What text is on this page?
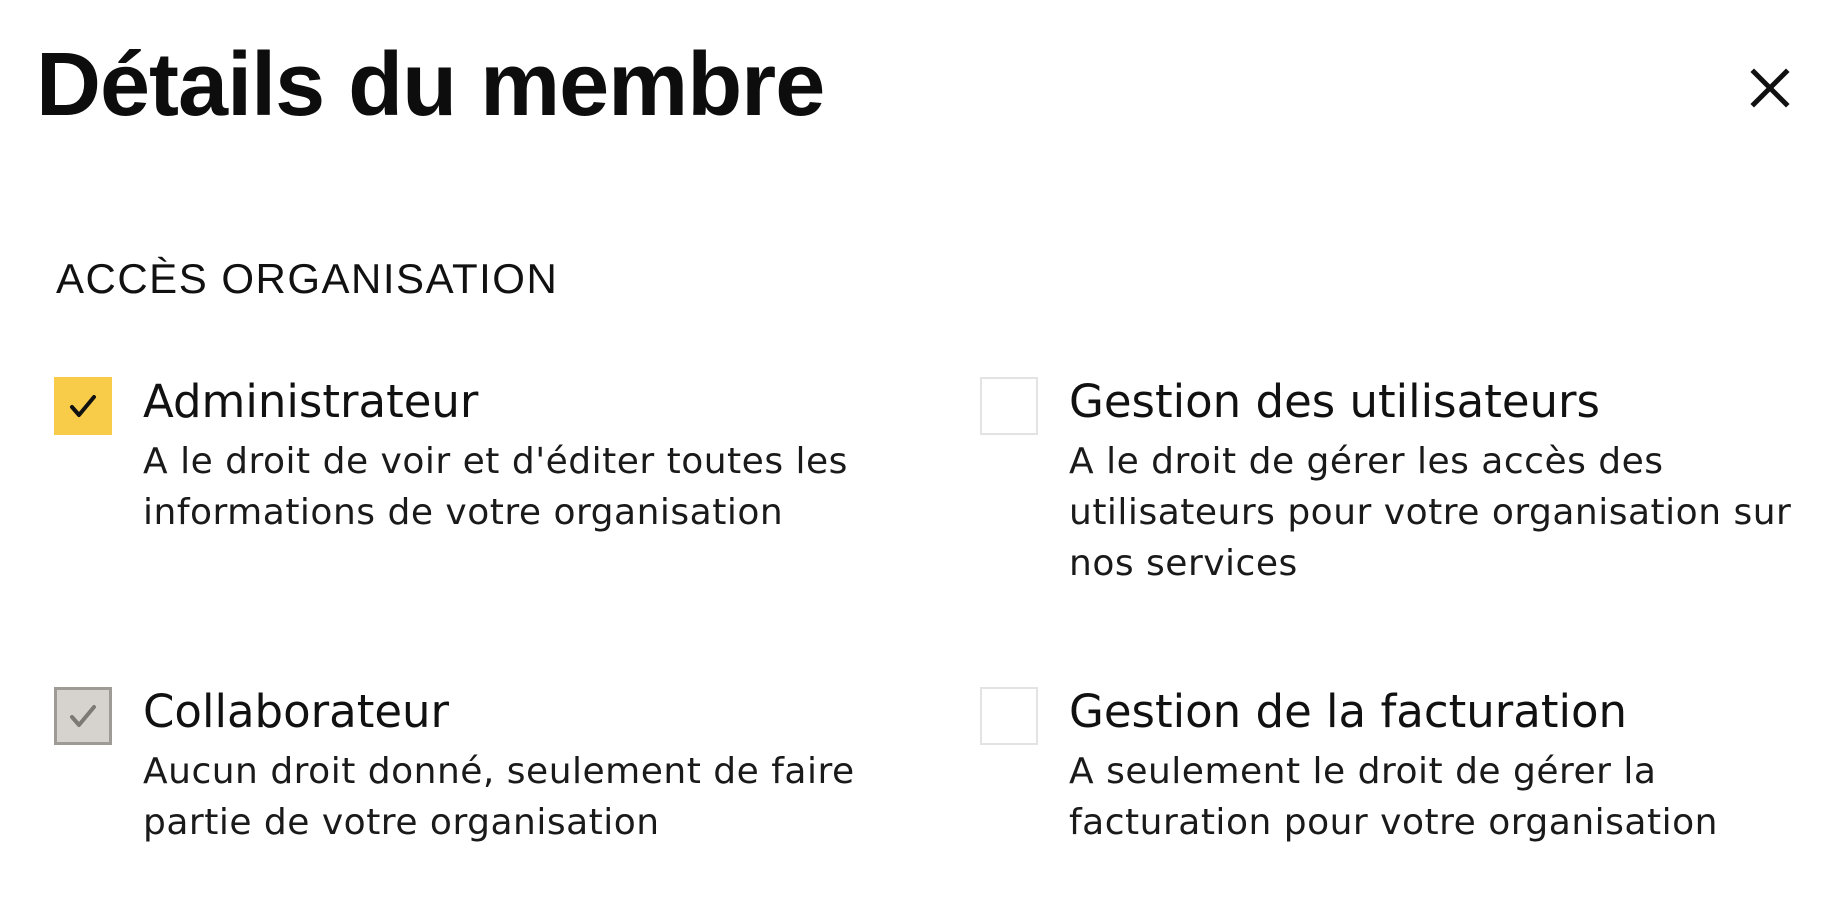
Détails du membre
ACCÈS ORGANISATION
Administrateur
A le droit de voir et d'éditer toutes les informations de votre organisation
Gestion des utilisateurs
A le droit de gérer les accès des utilisateurs pour votre organisation sur nos services
Collaborateur
Aucun droit donné, seulement de faire partie de votre organisation
Gestion de la facturation
A seulement le droit de gérer la facturation pour votre organisation
